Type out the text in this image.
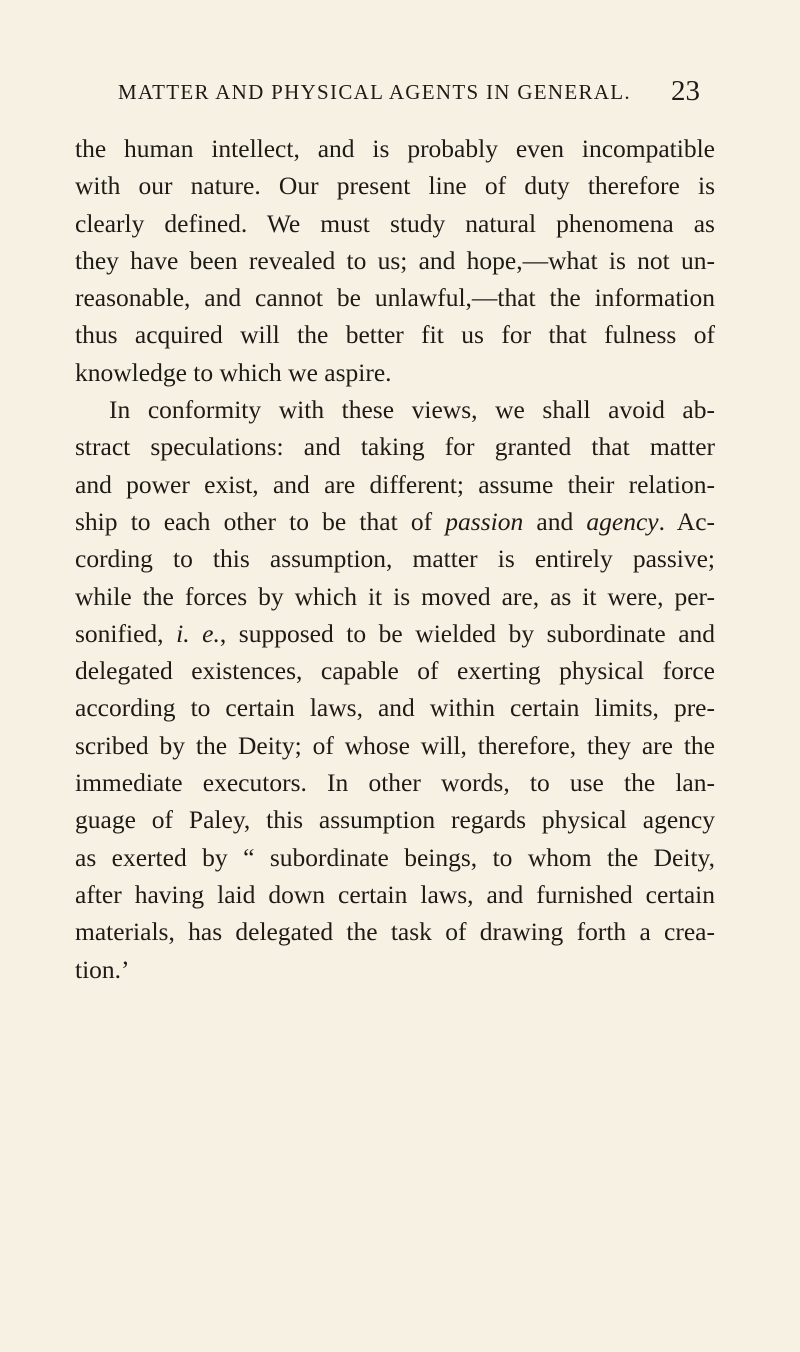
MATTER AND PHYSICAL AGENTS IN GENERAL. 23
the human intellect, and is probably even incompatible
with our nature. Our present line of duty therefore is
clearly defined. We must study natural phenomena as
they have been revealed to us; and hope,—what is not un-
reasonable, and cannot be unlawful,—that the information
thus acquired will the better fit us for that fulness of
knowledge to which we aspire.
In conformity with these views, we shall avoid ab-
stract speculations: and taking for granted that matter
and power exist, and are different; assume their relation-
ship to each other to be that of passion and agency. Ac-
cording to this assumption, matter is entirely passive;
while the forces by which it is moved are, as it were, per-
sonified, i. e., supposed to be wielded by subordinate and
delegated existences, capable of exerting physical force
according to certain laws, and within certain limits, pre-
scribed by the Deity; of whose will, therefore, they are the
immediate executors. In other words, to use the lan-
guage of Paley, this assumption regards physical agency
as exerted by “ subordinate beings, to whom the Deity,
after having laid down certain laws, and furnished certain
materials, has delegated the task of drawing forth a crea-
tion.’
